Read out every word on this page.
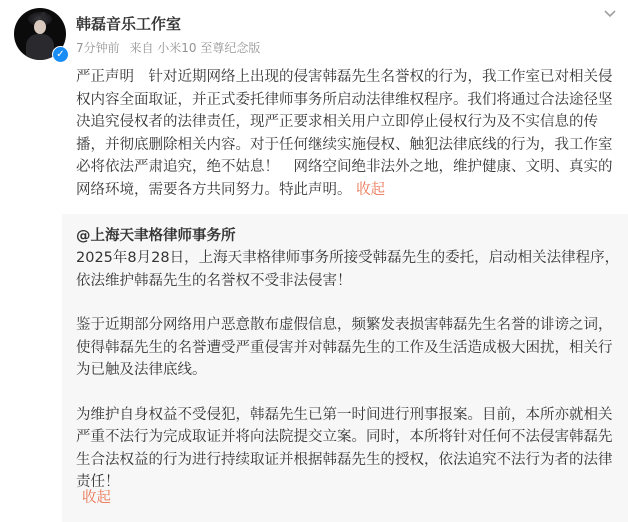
✓
韩磊音乐工作室
7分钟前 来自 小米10 至尊纪念版
严正声明　针对近期网络上出现的侵害韩磊先生名誉权的行为，我工作室已对相关侵权内容全面取证，并正式委托律师事务所启动法律维权程序。我们将通过合法途径坚决追究侵权者的法律责任，现严正要求相关用户立即停止侵权行为及不实信息的传播，并彻底删除相关内容。对于任何继续实施侵权、触犯法律底线的行为，我工作室必将依法严肃追究，绝不姑息！　网络空间绝非法外之地，维护健康、文明、真实的网络环境，需要各方共同努力。特此声明。 收起
@上海天聿格律师事务所

2025年8月28日，上海天聿格律师事务所接受韩磊先生的委托，启动相关法律程序，依法维护韩磊先生的名誉权不受非法侵害！

鉴于近期部分网络用户恶意散布虚假信息，频繁发表损害韩磊先生名誉的诽谤之词，使得韩磊先生的名誉遭受严重侵害并对韩磊先生的工作及生活造成极大困扰，相关行为已触及法律底线。

为维护自身权益不受侵犯，韩磊先生已第一时间进行刑事报案。目前，本所亦就相关严重不法行为完成取证并将向法院提交立案。同时，本所将针对任何不法侵害韩磊先生合法权益的行为进行持续取证并根据韩磊先生的授权，依法追究不法行为者的法律责任！

收起
